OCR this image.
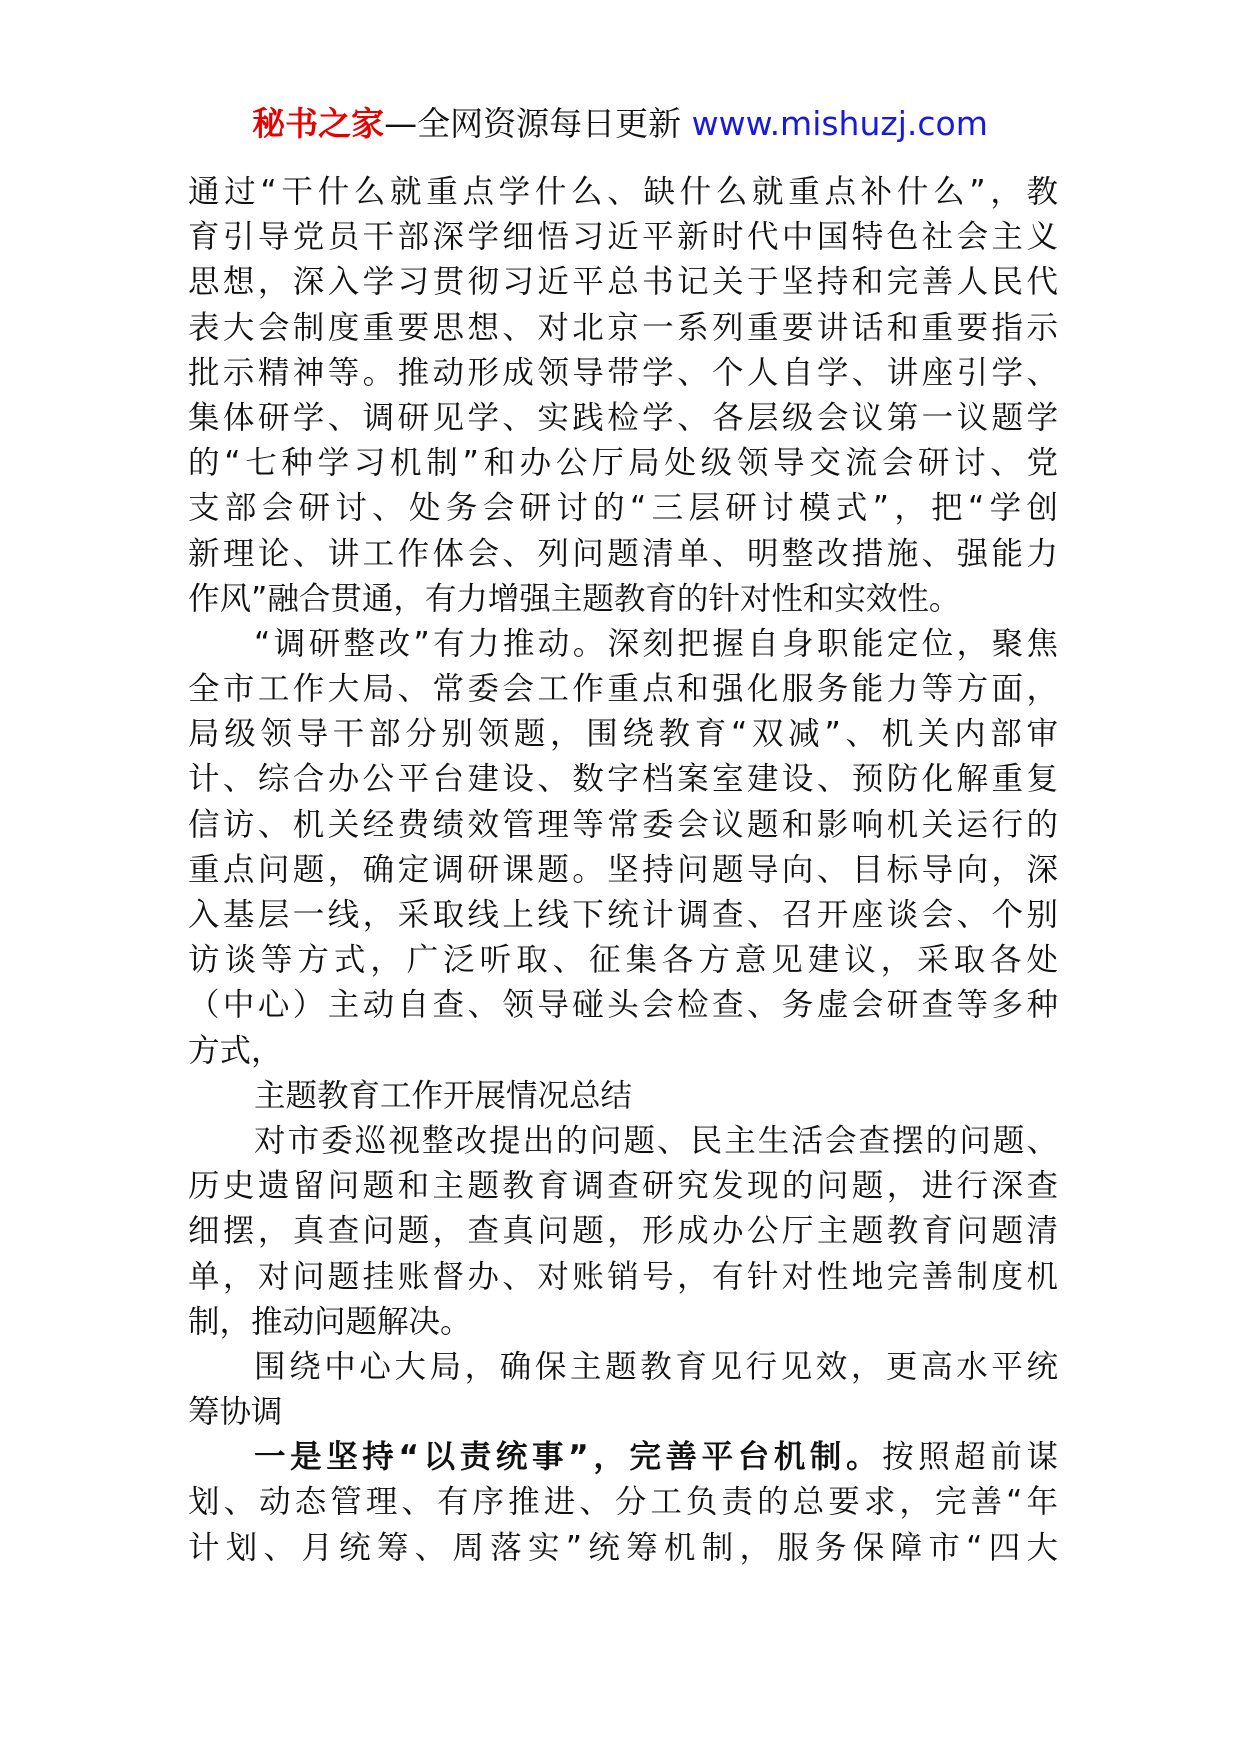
秘书之家—全网资源每日更新 www.mishuzj.com
通过“干什么就重点学什么、缺什么就重点补什么”，教
育引导党员干部深学细悟习近平新时代中国特色社会主义
思想，深入学习贯彻习近平总书记关于坚持和完善人民代
表大会制度重要思想、对北京一系列重要讲话和重要指示
批示精神等。推动形成领导带学、个人自学、讲座引学、
集体研学、调研见学、实践检学、各层级会议第一议题学
的“七种学习机制”和办公厅局处级领导交流会研讨、党
支部会研讨、处务会研讨的“三层研讨模式”，把“学创
新理论、讲工作体会、列问题清单、明整改措施、强能力
作风”融合贯通，有力增强主题教育的针对性和实效性。
“调研整改”有力推动。深刻把握自身职能定位，聚焦
全市工作大局、常委会工作重点和强化服务能力等方面，
局级领导干部分别领题，围绕教育“双减”、机关内部审
计、综合办公平台建设、数字档案室建设、预防化解重复
信访、机关经费绩效管理等常委会议题和影响机关运行的
重点问题，确定调研课题。坚持问题导向、目标导向，深
入基层一线，采取线上线下统计调查、召开座谈会、个别
访谈等方式，广泛听取、征集各方意见建议，采取各处
（中心）主动自查、领导碰头会检查、务虚会研查等多种
方式，
主题教育工作开展情况总结
对市委巡视整改提出的问题、民主生活会查摆的问题、
历史遗留问题和主题教育调查研究发现的问题，进行深查
细摆，真查问题，查真问题，形成办公厅主题教育问题清
单，对问题挂账督办、对账销号，有针对性地完善制度机
制，推动问题解决。
围绕中心大局，确保主题教育见行见效，更高水平统
筹协调
一是坚持“以责统事”，完善平台机制。按照超前谋
划、动态管理、有序推进、分工负责的总要求，完善“年
计划、月统筹、周落实”统筹机制，服务保障市“四大
